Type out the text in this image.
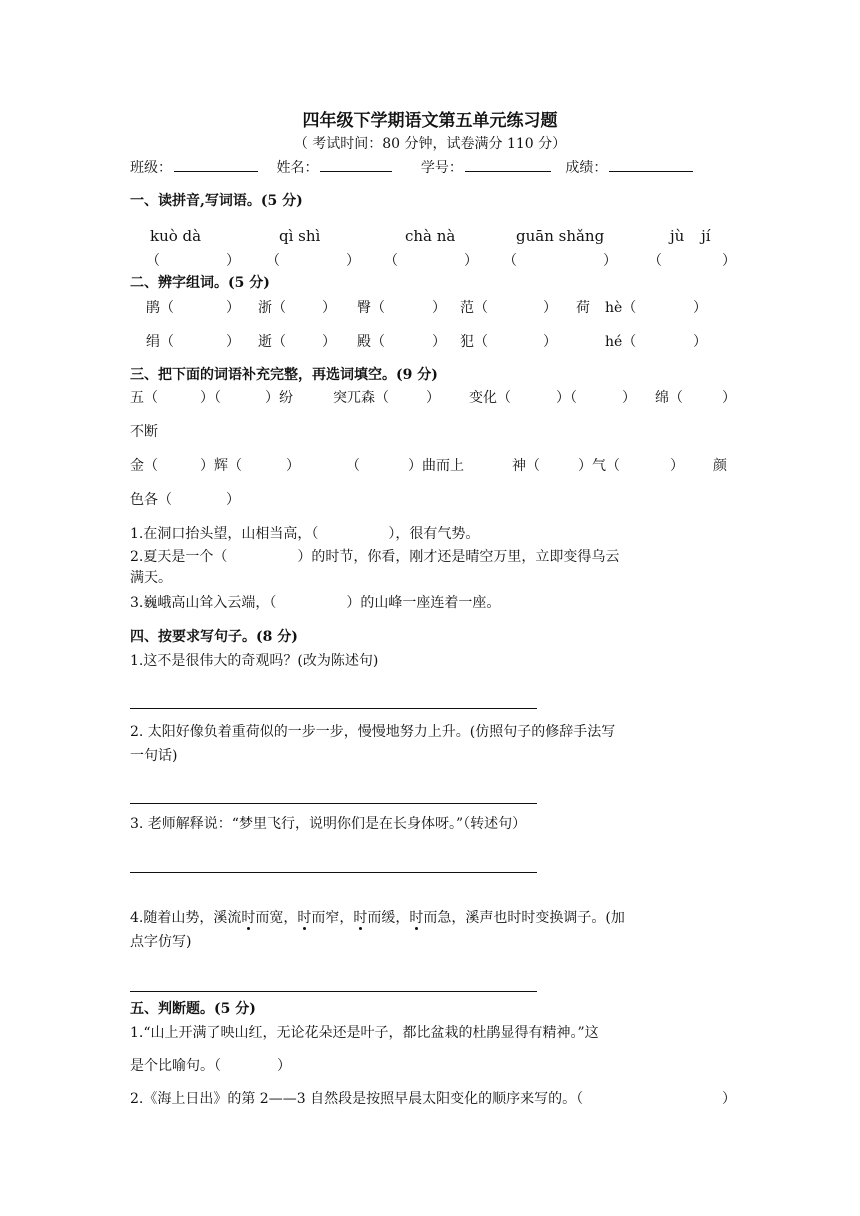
四年级下学期语文第五单元练习题
（ 考试时间：80 分钟，试卷满分 110 分）
班级：	姓名：	学号：	成绩：
一、读拼音,写词语。(5 分)
kuò dà	qì shì	chà nà	guān shǎng	jù jí
（	） （	） （	） （	） （	）
二、辨字组词。(5 分)
鹃（	） 浙（	） 臀（	） 范（	） 荷 hè（	）
绢（	） 逝（	） 殿（	） 犯（	）	hé（	）
三、把下面的词语补充完整，再选词填空。(9 分)
五（	）（	）纷	突兀森（	） 变化（	）（	） 绵（	）
不断
金（	）辉（	）	（	）曲而上	神（	）气（	） 颜
色各（	）
1.在洞口抬头望，山相当高，（　　　　　），很有气势。
2.夏天是一个（　　　　　）的时节，你看，刚才还是晴空万里，立即变得乌云
满天。
3.巍峨高山耸入云端，（　　　　　）的山峰一座连着一座。
四、按要求写句子。(8 分)
1.这不是很伟大的奇观吗？(改为陈述句)
2. 太阳好像负着重荷似的一步一步，慢慢地努力上升。(仿照句子的修辞手法写
一句话)
3. 老师解释说：“梦里飞行，说明你们是在长身体呀。”（转述句）
4.随着山势，溪流时而宽，时而窄，时而缓，时而急，溪声也时时变换调子。(加
点字仿写)
五、判断题。(5 分)
1.“山上开满了映山红，无论花朵还是叶子，都比盆栽的杜鹃显得有精神。”这
是个比喻句。（　　　　）
2.《海上日出》的第 2——3 自然段是按照早晨太阳变化的顺序来写的。（	）
